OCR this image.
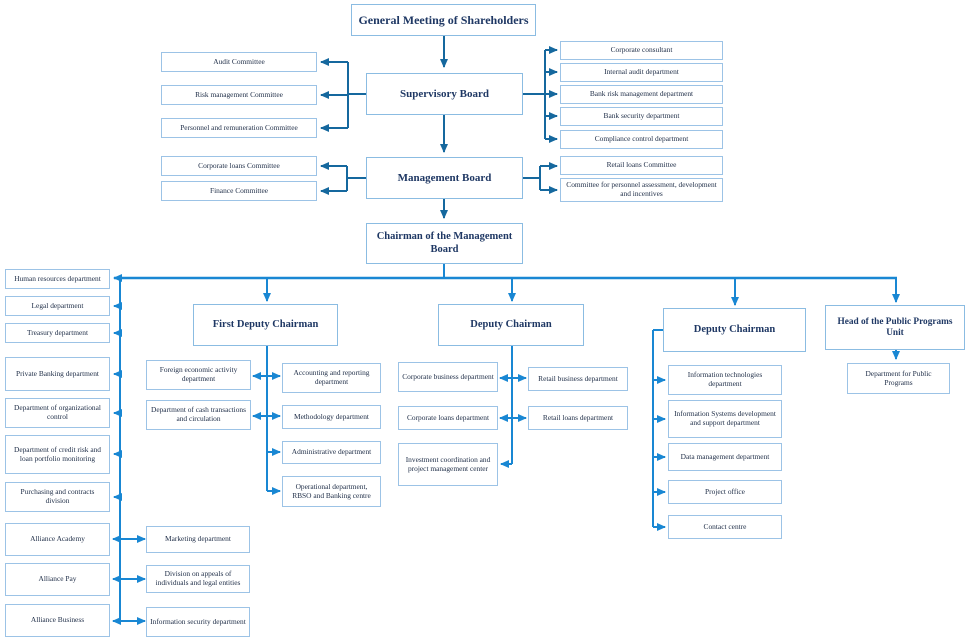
General Meeting of Shareholders
Supervisory Board
Audit Committee
Risk management Committee
Personnel and remuneration Committee
Corporate consultant
Internal audit department
Bank risk management department
Bank security department
Compliance control department
Management Board
Corporate loans Committee
Finance Committee
Retail loans Committee
Committee for personnel assessment, development and incentives
Chairman of the Management Board
First Deputy Chairman	Deputy Chairman	Deputy Chairman
Head of the Public Programs Unit
Human resources department
Legal department
Treasury department
Private Banking department
Department of organizational control
Department of credit risk and loan portfolio monitoring
Purchasing and contracts division
Alliance Academy	Marketing department
Alliance Pay
Division on appeals of individuals and legal entities
Alliance Business	Information security department
Foreign economic activity department
Department of cash transactions and circulation
Accounting and reporting department
Methodology department
Administrative department
Operational department, RBSO and Banking centre
Corporate business department
Corporate loans department
Investment coordination and project management center
Retail business department
Retail loans department
Information technologies department
Information Systems development and support department
Data management department
Project office
Contact centre
Department for Public Programs
